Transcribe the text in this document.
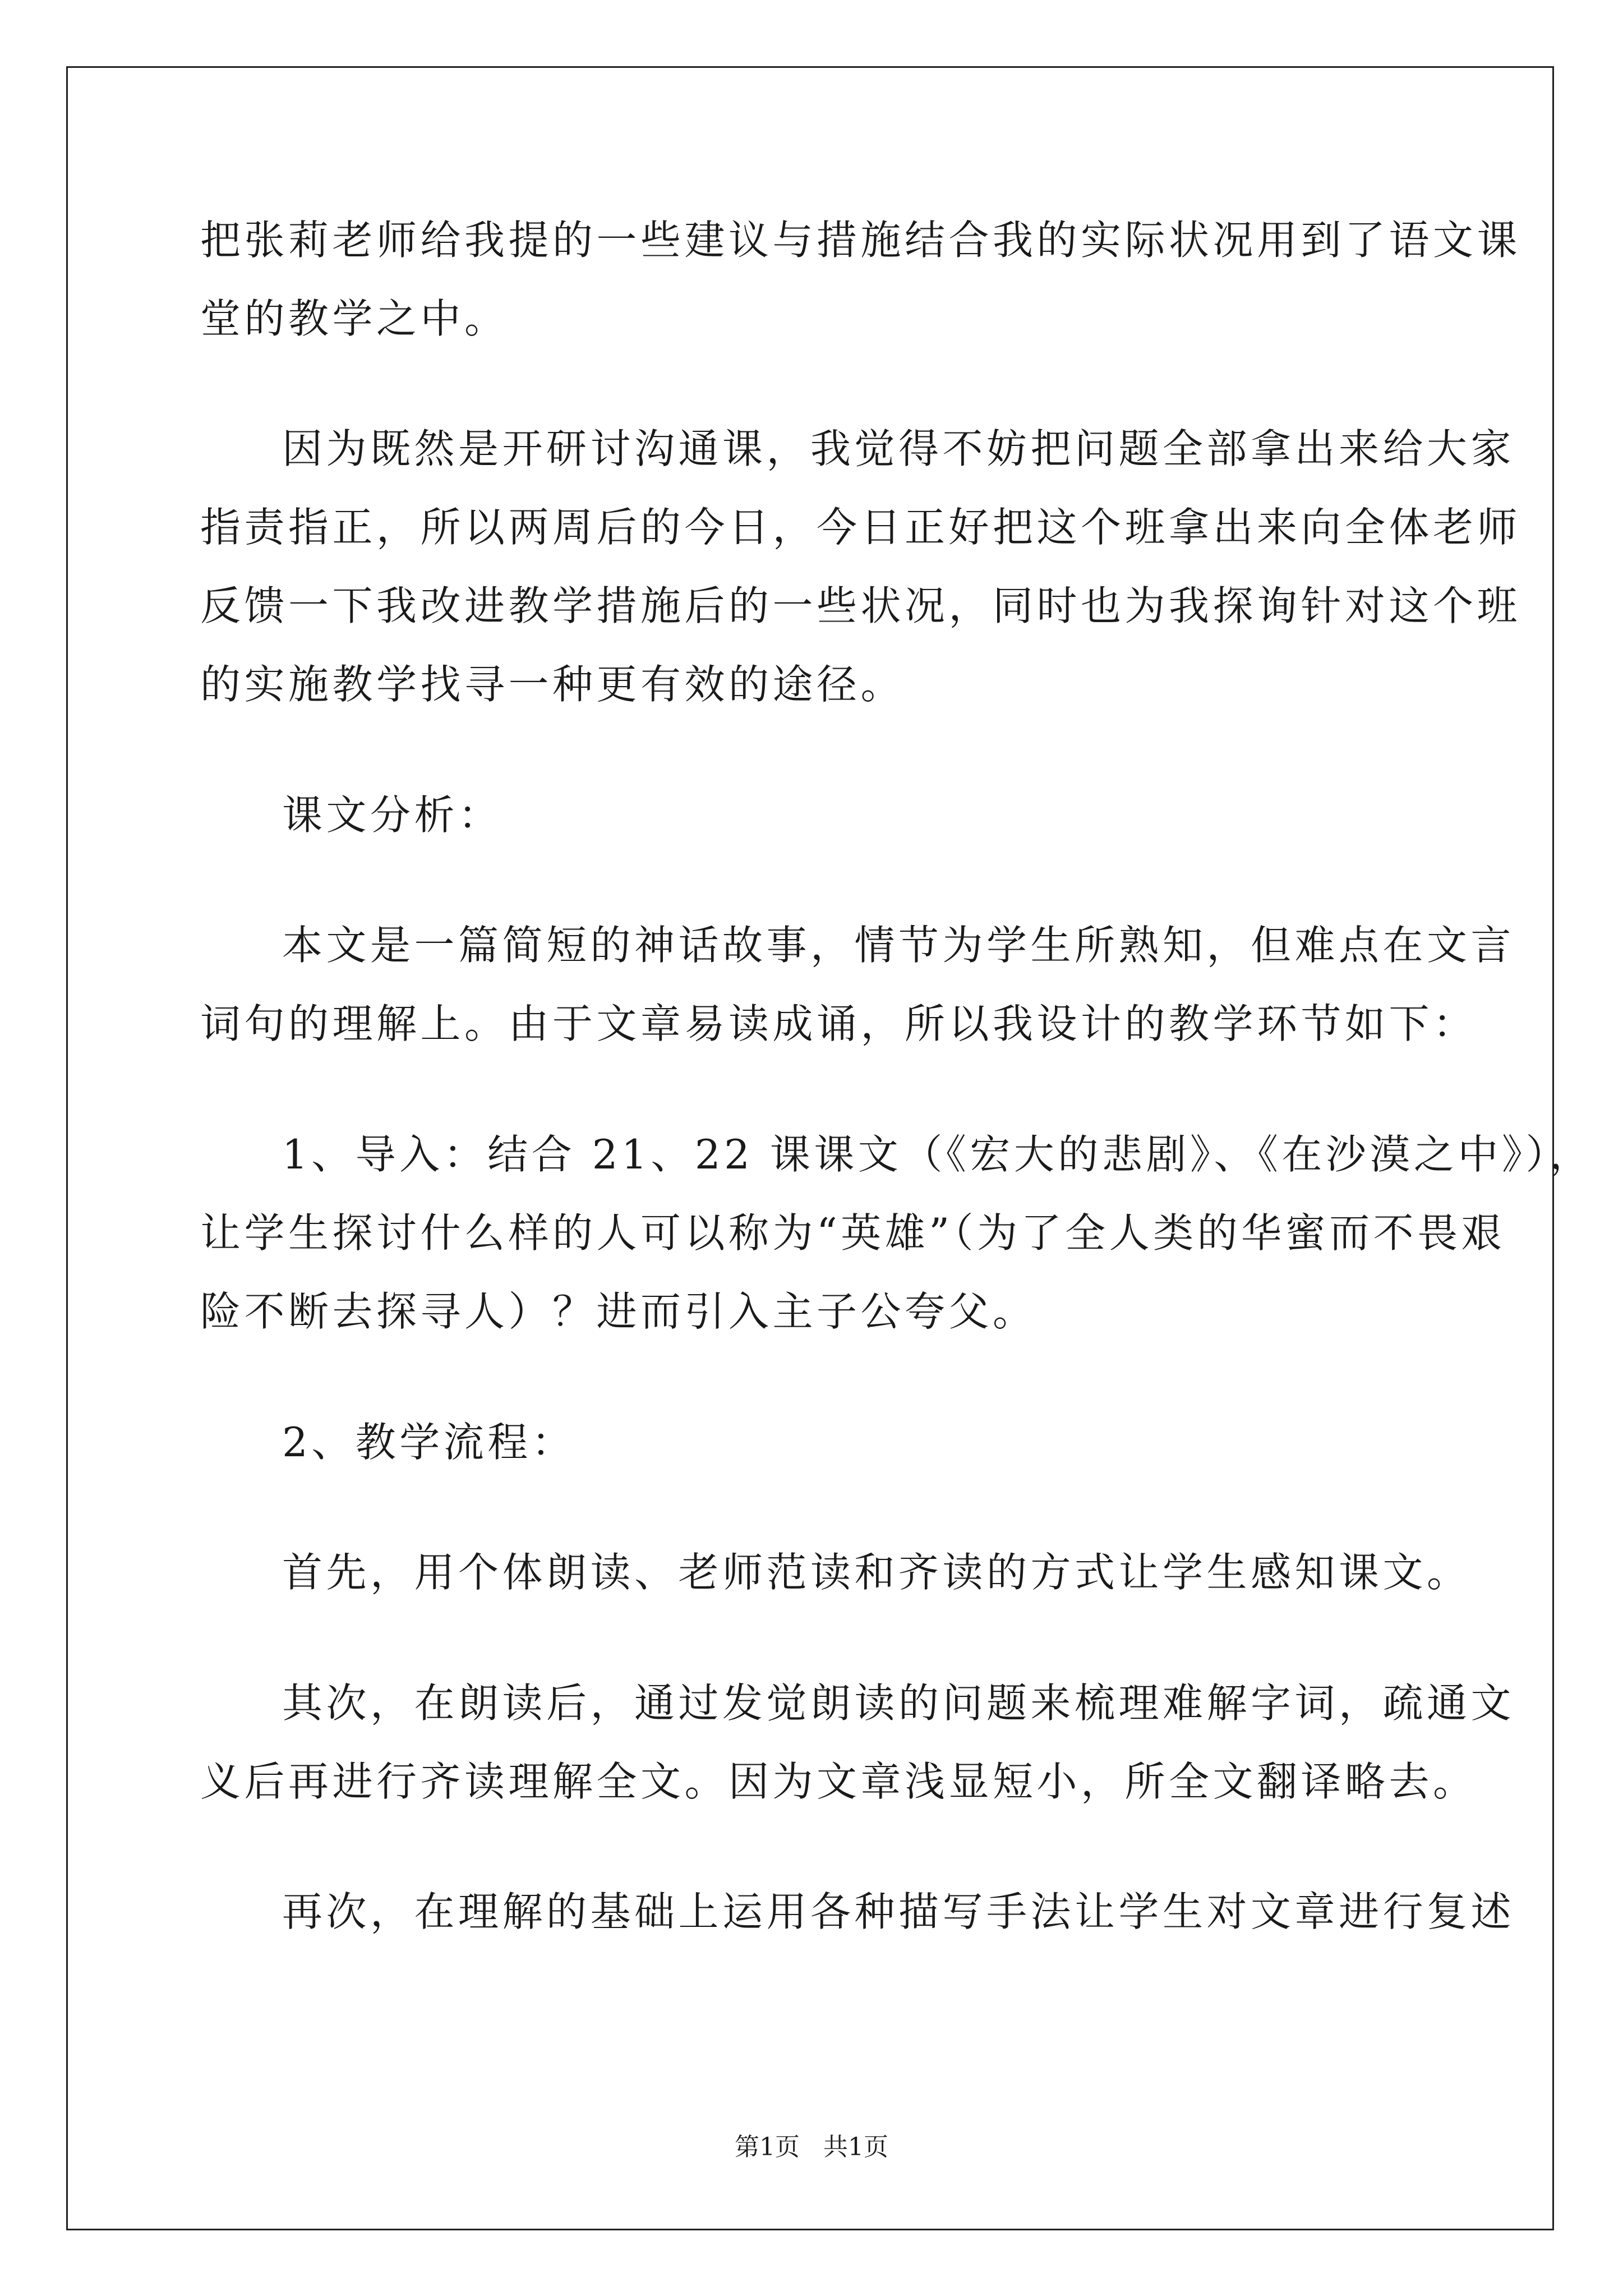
把张莉老师给我提的一些建议与措施结合我的实际状况用到了语文课
堂的教学之中。
因为既然是开研讨沟通课，我觉得不妨把问题全部拿出来给大家
指责指正，所以两周后的今日，今日正好把这个班拿出来向全体老师
反馈一下我改进教学措施后的一些状况，同时也为我探询针对这个班
的实施教学找寻一种更有效的途径。
课文分析：
本文是一篇简短的神话故事，情节为学生所熟知，但难点在文言
词句的理解上。由于文章易读成诵，所以我设计的教学环节如下：
1、导入：结合 21、22 课课文（《宏大的悲剧》、《在沙漠之中》），
让学生探讨什么样的人可以称为“英雄”（为了全人类的华蜜而不畏艰
险不断去探寻人）？进而引入主子公夸父。
2、教学流程：
首先，用个体朗读、老师范读和齐读的方式让学生感知课文。
其次，在朗读后，通过发觉朗读的问题来梳理难解字词，疏通文
义后再进行齐读理解全文。因为文章浅显短小，所全文翻译略去。
再次，在理解的基础上运用各种描写手法让学生对文章进行复述
第1页   共1页
